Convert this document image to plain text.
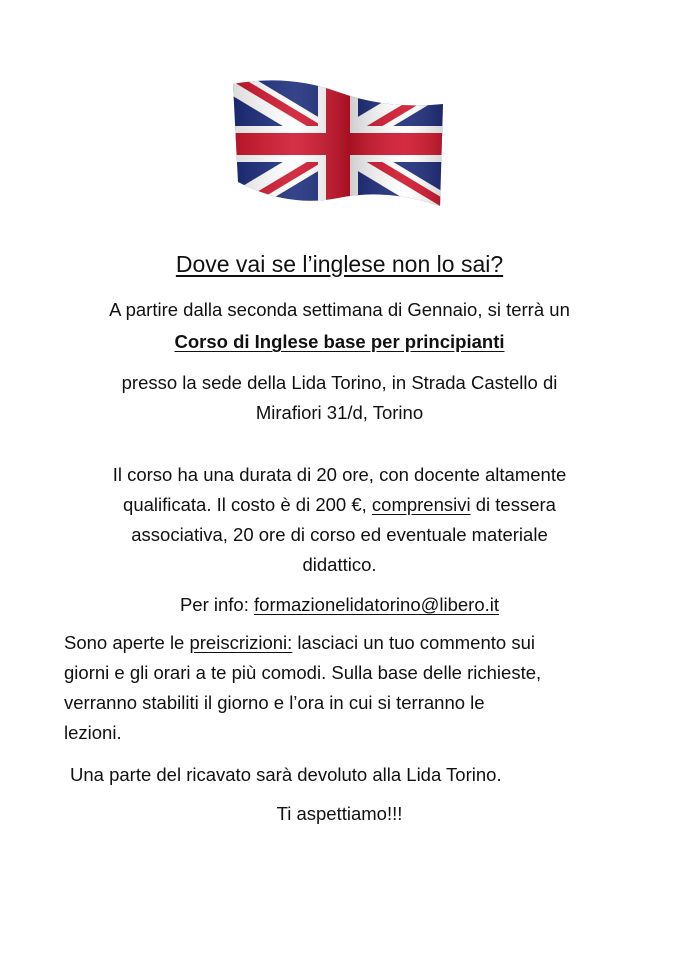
Dove vai se l’inglese non lo sai?
A partire dalla seconda settimana di Gennaio, si terrà un
Corso di Inglese base per principianti
presso la sede della Lida Torino, in Strada Castello di
Mirafiori 31/d, Torino
Il corso ha una durata di 20 ore, con docente altamente
qualificata. Il costo è di 200 €, comprensivi di tessera
associativa, 20 ore di corso ed eventuale materiale
didattico.
Per info: formazionelidatorino@libero.it
Sono aperte le preiscrizioni: lasciaci un tuo commento sui
giorni e gli orari a te più comodi. Sulla base delle richieste,
verranno stabiliti il giorno e l’ora in cui si terranno le
lezioni.
Una parte del ricavato sarà devoluto alla Lida Torino.
Ti aspettiamo!!!
